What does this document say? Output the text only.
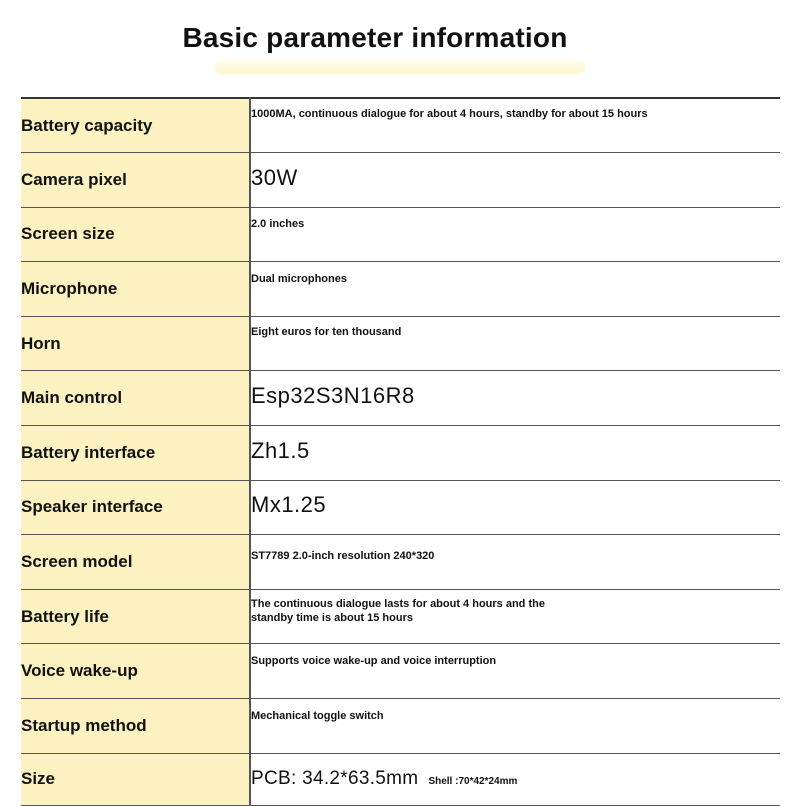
Basic parameter information
Battery capacity	1000MA, continuous dialogue for about 4 hours, standby for about 15 hours

Camera pixel	30W
Screen size	2.0 inches

Microphone	Dual microphones

Horn	Eight euros for ten thousand

Main control	Esp32S3N16R8
Battery interface	Zh1.5
Speaker interface	Mx1.25
Screen model	ST7789 2.0-inch resolution 240*320

Battery life	The continuous dialogue lasts for about 4 hours and the
standby time is about 15 hours

Voice wake-up	Supports voice wake-up and voice interruption

Startup method	Mechanical toggle switch

Size	PCB: 34.2*63.5mm Shell :70*42*24mm
